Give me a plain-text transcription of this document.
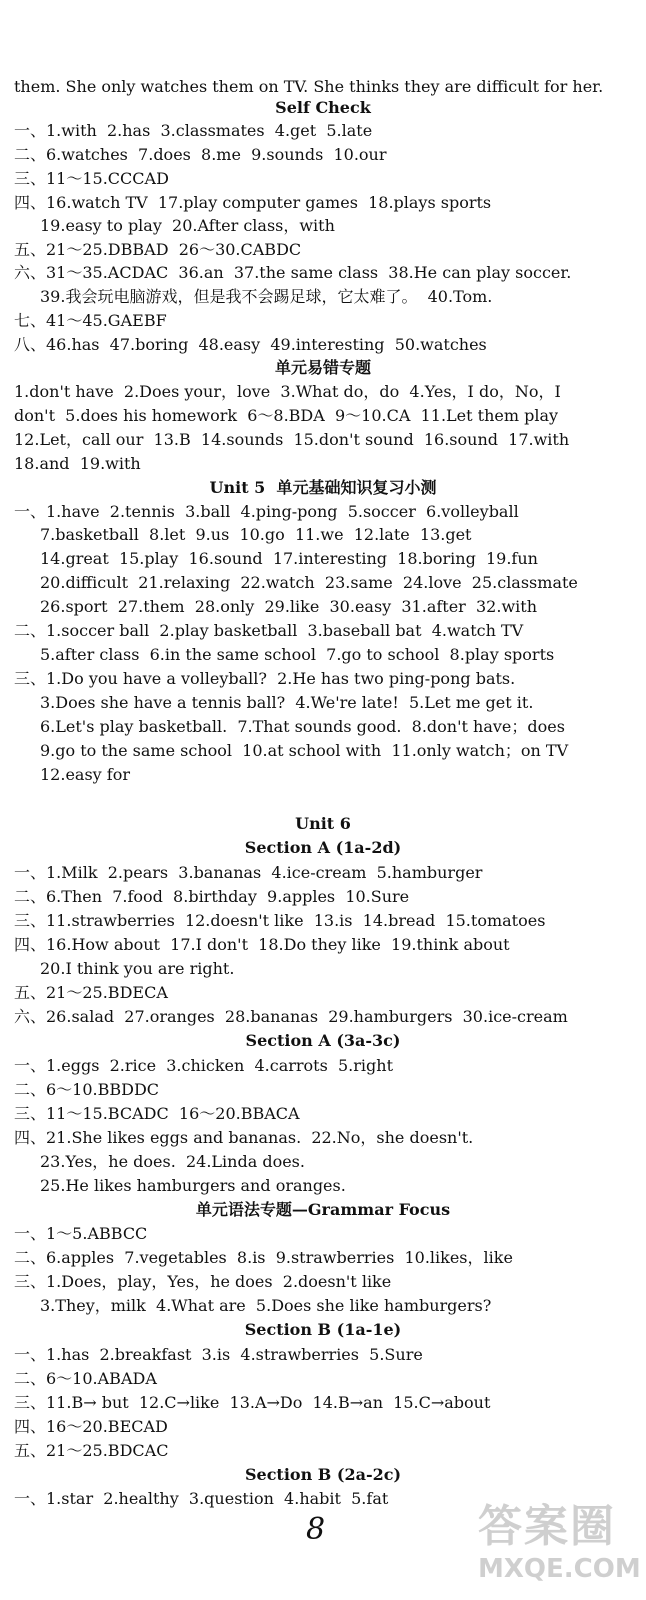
them. She only watches them on TV. She thinks they are difficult for her.
Self Check
一、1.with  2.has  3.classmates  4.get  5.late
二、6.watches  7.does  8.me  9.sounds  10.our
三、11～15.CCCAD
四、16.watch TV  17.play computer games  18.plays sports
19.easy to play  20.After class，with
五、21～25.DBBAD  26～30.CABDC
六、31～35.ACDAC  36.an  37.the same class  38.He can play soccer.
39.我会玩电脑游戏，但是我不会踢足球，它太难了。  40.Tom.
七、41～45.GAEBF
八、46.has  47.boring  48.easy  49.interesting  50.watches
单元易错专题
1.don't have  2.Does your，love  3.What do，do  4.Yes，I do，No，I
don't  5.does his homework  6～8.BDA  9～10.CA  11.Let them play
12.Let，call our  13.B  14.sounds  15.don't sound  16.sound  17.with
18.and  19.with
Unit 5  单元基础知识复习小测
一、1.have  2.tennis  3.ball  4.ping-pong  5.soccer  6.volleyball
7.basketball  8.let  9.us  10.go  11.we  12.late  13.get
14.great  15.play  16.sound  17.interesting  18.boring  19.fun
20.difficult  21.relaxing  22.watch  23.same  24.love  25.classmate
26.sport  27.them  28.only  29.like  30.easy  31.after  32.with
二、1.soccer ball  2.play basketball  3.baseball bat  4.watch TV
5.after class  6.in the same school  7.go to school  8.play sports
三、1.Do you have a volleyball?  2.He has two ping-pong bats.
3.Does she have a tennis ball?  4.We're late!  5.Let me get it.
6.Let's play basketball.  7.That sounds good.  8.don't have；does
9.go to the same school  10.at school with  11.only watch；on TV
12.easy for
Unit 6
Section A (1a-2d)
一、1.Milk  2.pears  3.bananas  4.ice-cream  5.hamburger
二、6.Then  7.food  8.birthday  9.apples  10.Sure
三、11.strawberries  12.doesn't like  13.is  14.bread  15.tomatoes
四、16.How about  17.I don't  18.Do they like  19.think about
20.I think you are right.
五、21～25.BDECA
六、26.salad  27.oranges  28.bananas  29.hamburgers  30.ice-cream
Section A (3a-3c)
一、1.eggs  2.rice  3.chicken  4.carrots  5.right
二、6～10.BBDDC
三、11～15.BCADC  16～20.BBACA
四、21.She likes eggs and bananas.  22.No，she doesn't.
23.Yes，he does.  24.Linda does.
25.He likes hamburgers and oranges.
单元语法专题—Grammar Focus
一、1～5.ABBCC
二、6.apples  7.vegetables  8.is  9.strawberries  10.likes，like
三、1.Does，play，Yes，he does  2.doesn't like
3.They，milk  4.What are  5.Does she like hamburgers?
Section B (1a-1e)
一、1.has  2.breakfast  3.is  4.strawberries  5.Sure
二、6～10.ABADA
三、11.B→ but  12.C→like  13.A→Do  14.B→an  15.C→about
四、16～20.BECAD
五、21～25.BDCAC
Section B (2a-2c)
一、1.star  2.healthy  3.question  4.habit  5.fat
8	答案圈
MXQE.COM
